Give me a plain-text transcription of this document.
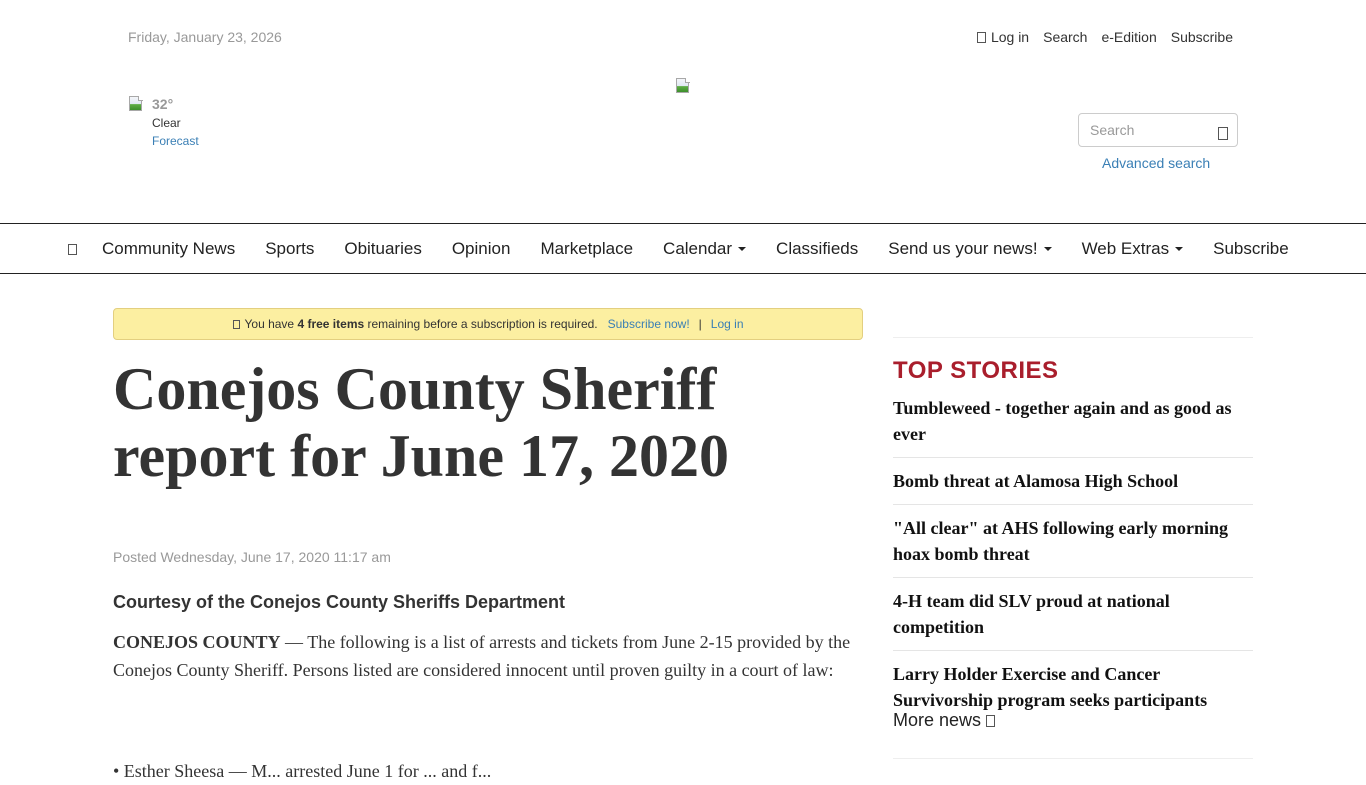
Friday, January 23, 2026	Log in Search e-Edition Subscribe
32°
Clear
Forecast
Search
Advanced search
Community News	Sports	Obituaries	Opinion	Marketplace	Calendar	Classifieds	Send us your news!	Web Extras	Subscribe
You have
4 free items
remaining before a subscription is required. Subscribe now! | Log in
Conejos County Sheriff report for June 17, 2020
Posted Wednesday, June 17, 2020 11:17 am
Courtesy of the Conejos County Sheriffs Department

CONEJOS COUNTY — The following is a list of arrests and tickets from June 2-15 provided by the Conejos County Sheriff. Persons listed are considered innocent until proven guilty in a court of law:

• Esther Sheesa — M... arrested June 1 for ... and f...

TOP STORIES
Tumbleweed - together again and as good as ever
Bomb threat at Alamosa High School
"All clear" at AHS following early morning hoax bomb threat
4-H team did SLV proud at national competition
Larry Holder Exercise and Cancer Survivorship program seeks participants
More news
